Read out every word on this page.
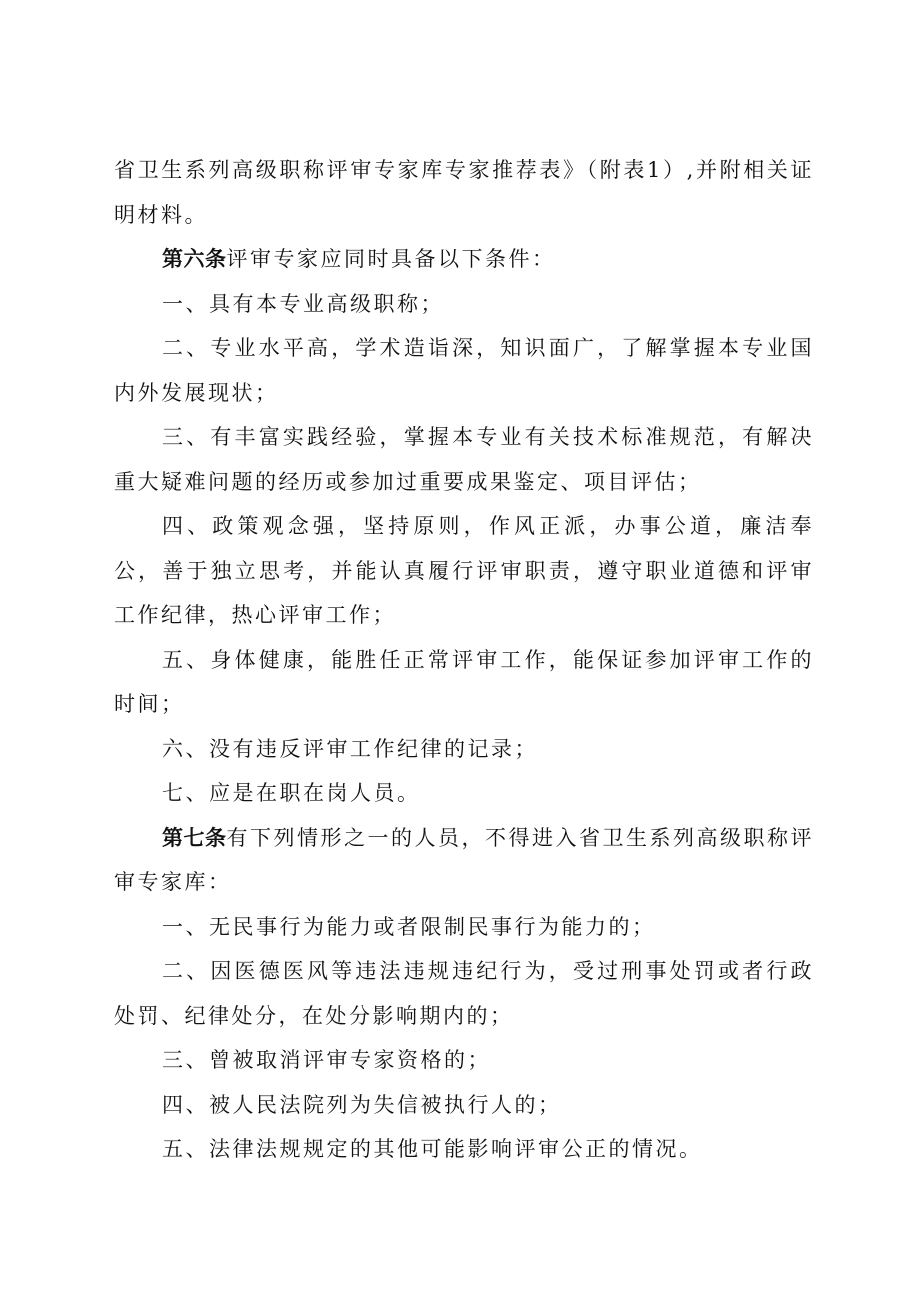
省卫生系列高级职称评审专家库专家推荐表》（附表1）,并附相关证明材料。

第六条评审专家应同时具备以下条件：

一、具有本专业高级职称；

二、专业水平高，学术造诣深，知识面广，了解掌握本专业国内外发展现状；

三、有丰富实践经验，掌握本专业有关技术标准规范，有解决重大疑难问题的经历或参加过重要成果鉴定、项目评估；

四、政策观念强，坚持原则，作风正派，办事公道，廉洁奉公，善于独立思考，并能认真履行评审职责，遵守职业道德和评审工作纪律，热心评审工作；

五、身体健康，能胜任正常评审工作，能保证参加评审工作的时间；

六、没有违反评审工作纪律的记录；

七、应是在职在岗人员。

第七条有下列情形之一的人员，不得进入省卫生系列高级职称评审专家库：

一、无民事行为能力或者限制民事行为能力的；

二、因医德医风等违法违规违纪行为，受过刑事处罚或者行政处罚、纪律处分，在处分影响期内的；

三、曾被取消评审专家资格的；

四、被人民法院列为失信被执行人的；

五、法律法规规定的其他可能影响评审公正的情况。
